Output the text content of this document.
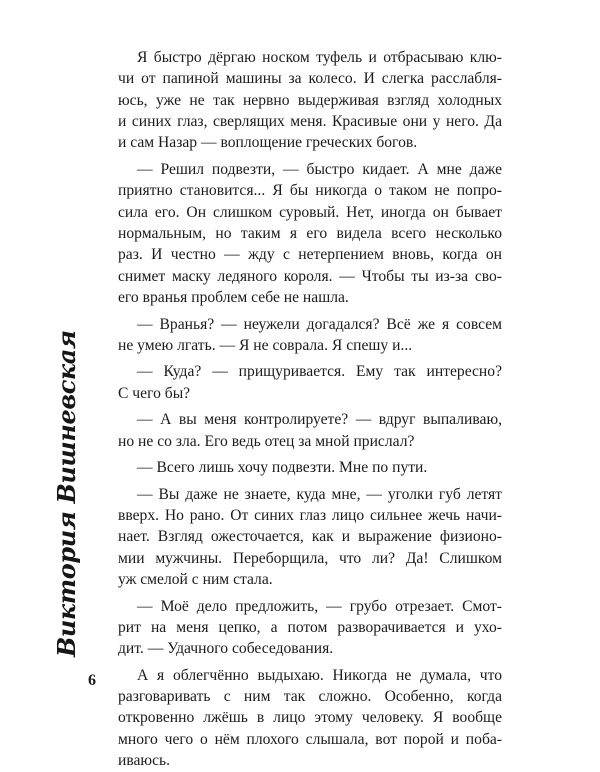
Я быстро дёргаю носком туфель и отбрасываю клю-
чи от папиной машины за колесо. И слегка расслабля-
юсь, уже не так нервно выдерживая взгляд холодных
и синих глаз, сверлящих меня. Красивые они у него. Да
и сам Назар — воплощение греческих богов.

— Решил подвезти, — быстро кидает. А мне даже
приятно становится... Я бы никогда о таком не попро-
сила его. Он слишком суровый. Нет, иногда он бывает
нормальным, но таким я его видела всего несколько
раз. И честно — жду с нетерпением вновь, когда он
снимет маску ледяного короля. — Чтобы ты из-за сво-
его вранья проблем себе не нашла.

— Вранья? — неужели догадался? Всё же я совсем
не умею лгать. — Я не соврала. Я спешу и...

— Куда? — прищуривается. Ему так интересно?
С чего бы?

— А вы меня контролируете? — вдруг выпаливаю,
но не со зла. Его ведь отец за мной прислал?

— Всего лишь хочу подвезти. Мне по пути.

— Вы даже не знаете, куда мне, — уголки губ летят
вверх. Но рано. От синих глаз лицо сильнее жечь начи-
нает. Взгляд ожесточается, как и выражение физионо-
мии мужчины. Переборщила, что ли? Да! Слишком
уж смелой с ним стала.

— Моё дело предложить, — грубо отрезает. Смот-
рит на меня цепко, а потом разворачивается и ухо-
дит. — Удачного собеседования.

А я облегчённо выдыхаю. Никогда не думала, что
разговаривать с ним так сложно. Особенно, когда
откровенно лжёшь в лицо этому человеку. Я вообще
много чего о нём плохого слышала, вот порой и поба-
иваюсь.

Виктория Вишневская
6
